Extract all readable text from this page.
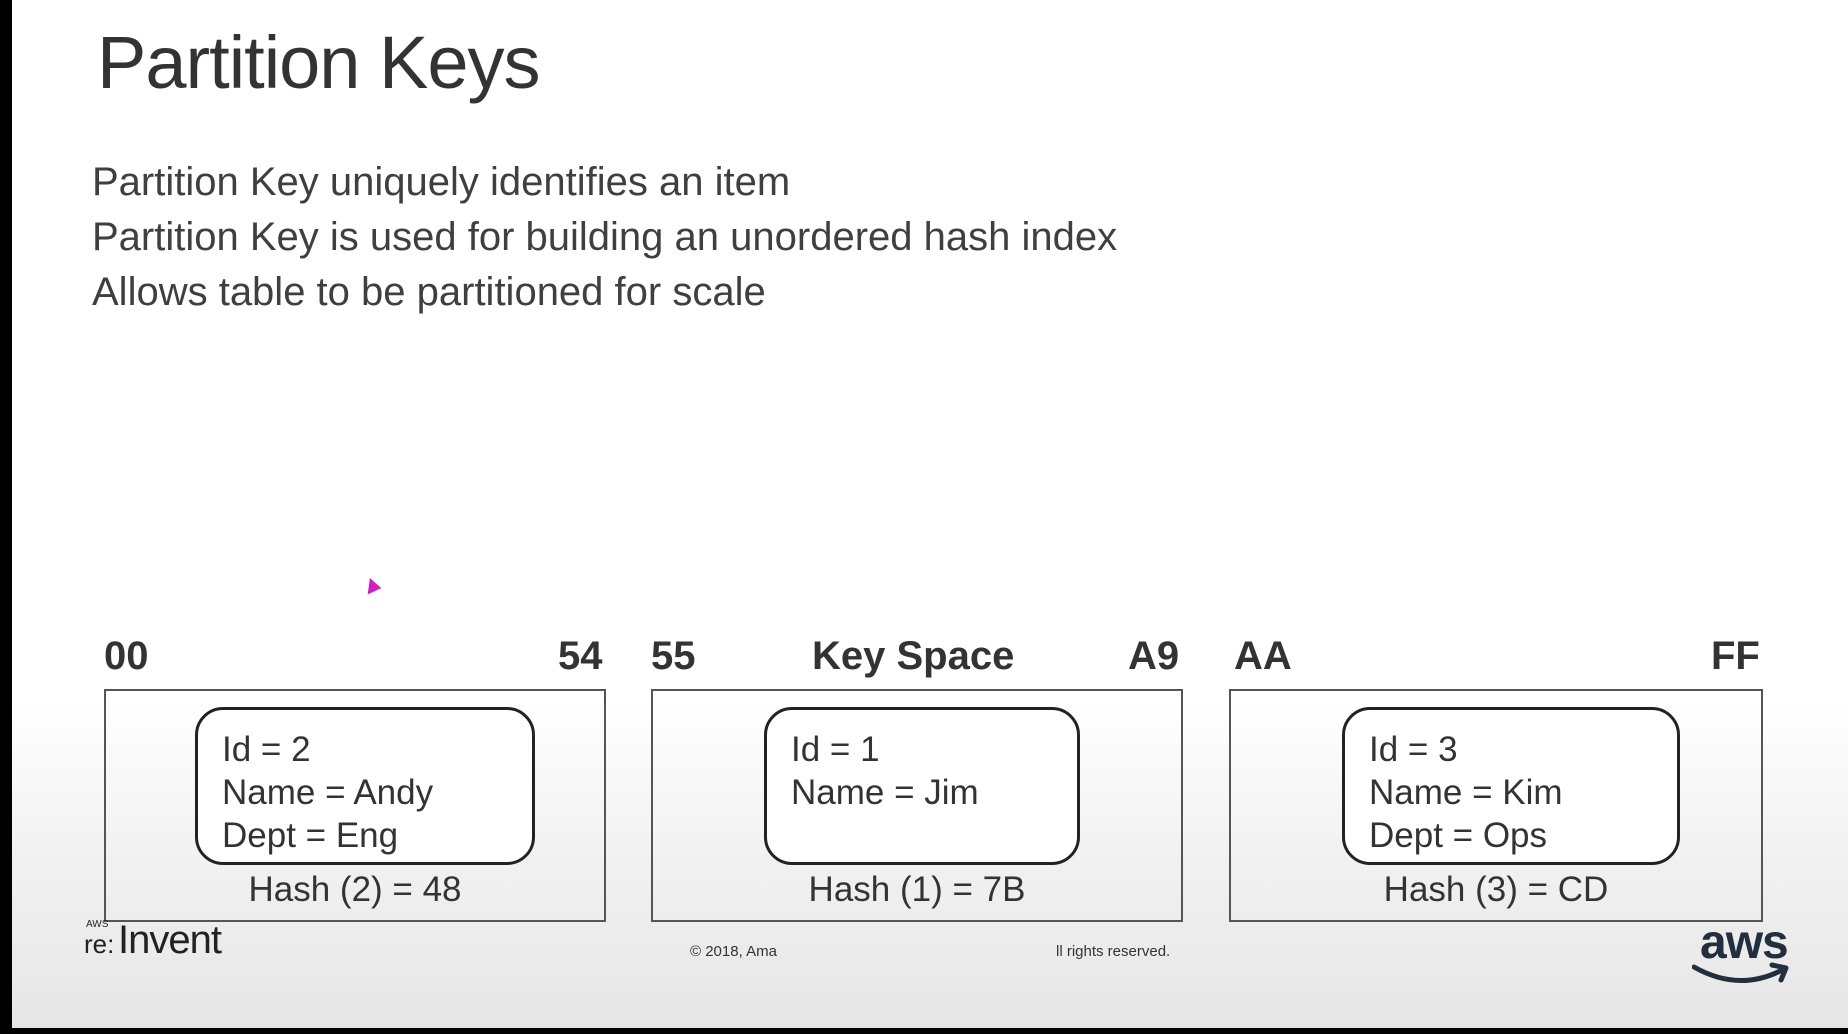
Partition Keys
Partition Key uniquely identifies an item
Partition Key is used for building an unordered hash index
Allows table to be partitioned for scale
00	54 55	Key Space	A9 AA	FF
Id = 2
Name = Andy
Dept = Eng
Hash (2) = 48
Id = 1
Name = Jim
Hash (1) = 7B
Id = 3
Name = Kim
Dept = Ops
Hash (3) = CD
AWS
re: Invent	© 2018, Ama	ll rights reserved.	aws
